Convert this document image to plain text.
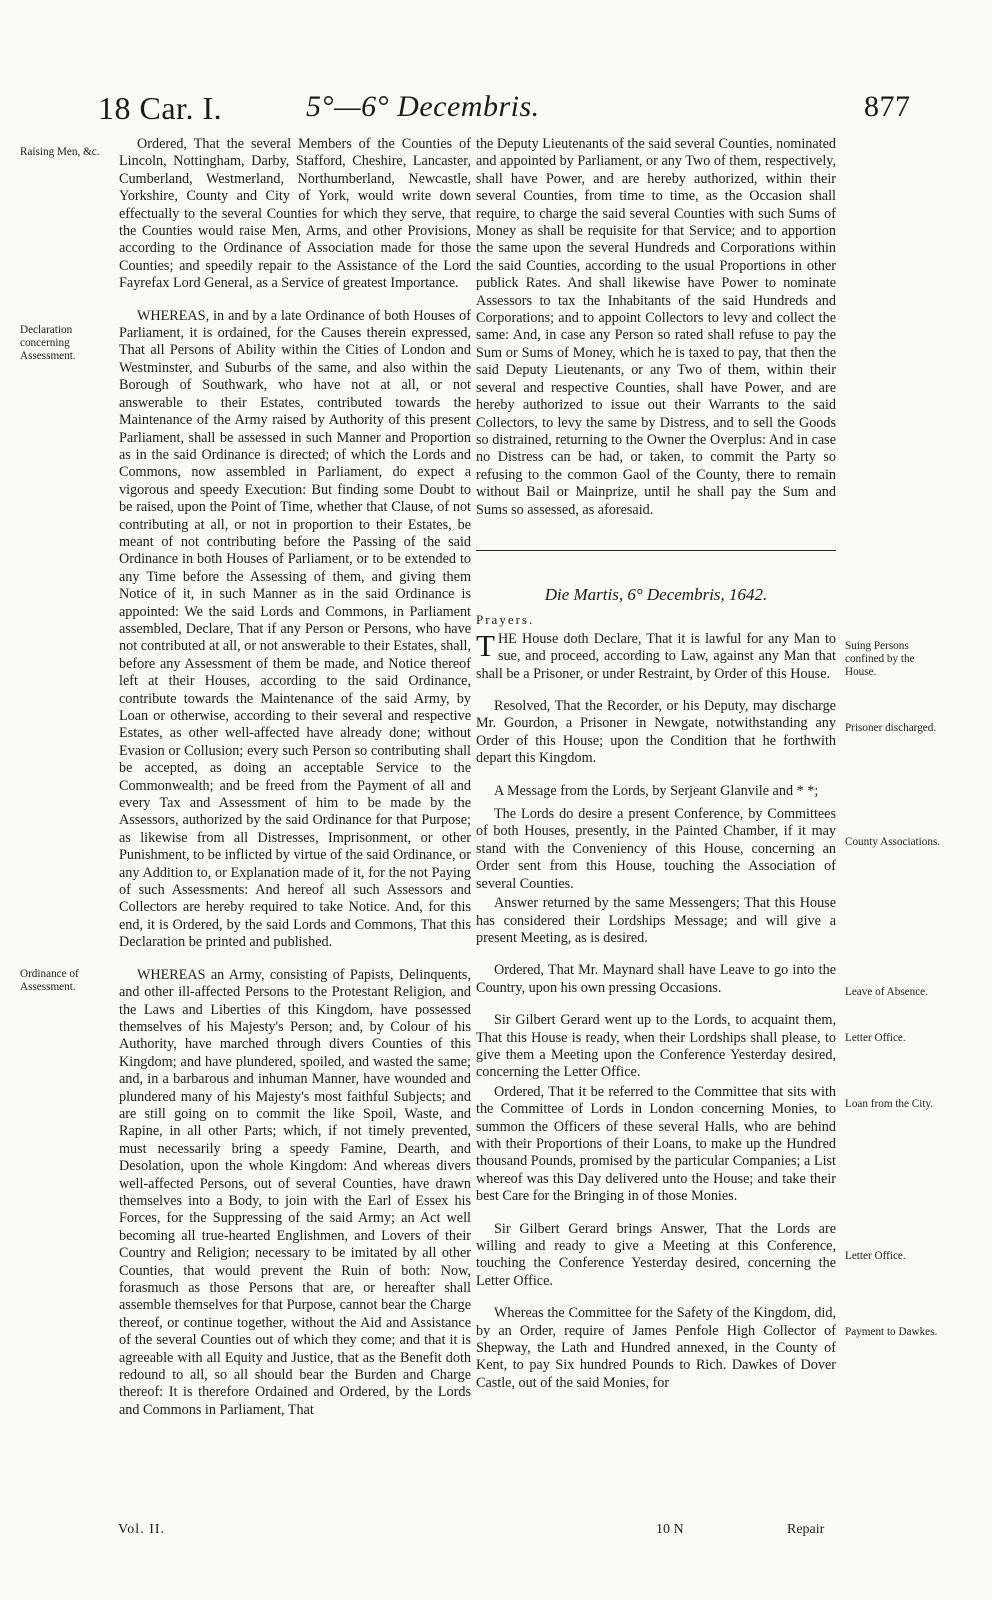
18 Car. I.	5°—6° Decembris.	877
Raising Men, &c.
Declaration concerning Assessment.
Ordinance of Assessment.
Suing Persons confined by the House.
Prisoner discharged.
County Associations.
Leave of Absence.
Letter Office.
Loan from the City.
Letter Office.
Payment to Dawkes.

Ordered, That the several Members of the Counties of Lincoln, Nottingham, Darby, Stafford, Cheshire, Lancaster, Cumberland, Westmerland, Northumberland, Newcastle, Yorkshire, County and City of York, would write down effectually to the several Counties for which they serve, that the Counties would raise Men, Arms, and other Provisions, according to the Ordinance of Association made for those Counties; and speedily repair to the Assistance of the Lord Fayrefax Lord General, as a Service of greatest Importance.

WHEREAS, in and by a late Ordinance of both Houses of Parliament, it is ordained, for the Causes therein expressed, That all Persons of Ability within the Cities of London and Westminster, and Suburbs of the same, and also within the Borough of Southwark, who have not at all, or not answerable to their Estates, contributed towards the Maintenance of the Army raised by Authority of this present Parliament, shall be assessed in such Manner and Proportion as in the said Ordinance is directed; of which the Lords and Commons, now assembled in Parliament, do expect a vigorous and speedy Execution: But finding some Doubt to be raised, upon the Point of Time, whether that Clause, of not contributing at all, or not in proportion to their Estates, be meant of not contributing before the Passing of the said Ordinance in both Houses of Parliament, or to be extended to any Time before the Assessing of them, and giving them Notice of it, in such Manner as in the said Ordinance is appointed: We the said Lords and Commons, in Parliament assembled, Declare, That if any Person or Persons, who have not contributed at all, or not answerable to their Estates, shall, before any Assessment of them be made, and Notice thereof left at their Houses, according to the said Ordinance, contribute towards the Maintenance of the said Army, by Loan or otherwise, according to their several and respective Estates, as other well-affected have already done; without Evasion or Collusion; every such Person so contributing shall be accepted, as doing an acceptable Service to the Commonwealth; and be freed from the Payment of all and every Tax and Assessment of him to be made by the Assessors, authorized by the said Ordinance for that Purpose; as likewise from all Distresses, Imprisonment, or other Punishment, to be inflicted by virtue of the said Ordinance, or any Addition to, or Explanation made of it, for the not Paying of such Assessments: And hereof all such Assessors and Collectors are hereby required to take Notice. And, for this end, it is Ordered, by the said Lords and Commons, That this Declaration be printed and published.

WHEREAS an Army, consisting of Papists, Delinquents, and other ill-affected Persons to the Protestant Religion, and the Laws and Liberties of this Kingdom, have possessed themselves of his Majesty's Person; and, by Colour of his Authority, have marched through divers Counties of this Kingdom; and have plundered, spoiled, and wasted the same; and, in a barbarous and inhuman Manner, have wounded and plundered many of his Majesty's most faithful Subjects; and are still going on to commit the like Spoil, Waste, and Rapine, in all other Parts; which, if not timely prevented, must necessarily bring a speedy Famine, Dearth, and Desolation, upon the whole Kingdom: And whereas divers well-affected Persons, out of several Counties, have drawn themselves into a Body, to join with the Earl of Essex his Forces, for the Suppressing of the said Army; an Act well becoming all true-hearted Englishmen, and Lovers of their Country and Religion; necessary to be imitated by all other Counties, that would prevent the Ruin of both: Now, forasmuch as those Persons that are, or hereafter shall assemble themselves for that Purpose, cannot bear the Charge thereof, or continue together, without the Aid and Assistance of the several Counties out of which they come; and that it is agreeable with all Equity and Justice, that as the Benefit doth redound to all, so all should bear the Burden and Charge thereof: It is therefore Ordained and Ordered, by the Lords and Commons in Parliament, That

the Deputy Lieutenants of the said several Counties, nominated and appointed by Parliament, or any Two of them, respectively, shall have Power, and are hereby authorized, within their several Counties, from time to time, as the Occasion shall require, to charge the said several Counties with such Sums of Money as shall be requisite for that Service; and to apportion the same upon the several Hundreds and Corporations within the said Counties, according to the usual Proportions in other publick Rates. And shall likewise have Power to nominate Assessors to tax the Inhabitants of the said Hundreds and Corporations; and to appoint Collectors to levy and collect the same: And, in case any Person so rated shall refuse to pay the Sum or Sums of Money, which he is taxed to pay, that then the said Deputy Lieutenants, or any Two of them, within their several and respective Counties, shall have Power, and are hereby authorized to issue out their Warrants to the said Collectors, to levy the same by Distress, and to sell the Goods so distrained, returning to the Owner the Overplus: And in case no Distress can be had, or taken, to commit the Party so refusing to the common Gaol of the County, there to remain without Bail or Mainprize, until he shall pay the Sum and Sums so assessed, as aforesaid.

Die Martis, 6° Decembris, 1642.

Prayers.

THE House doth Declare, That it is lawful for any Man to sue, and proceed, according to Law, against any Man that shall be a Prisoner, or under Restraint, by Order of this House.

Resolved, That the Recorder, or his Deputy, may discharge Mr. Gourdon, a Prisoner in Newgate, notwithstanding any Order of this House; upon the Condition that he forthwith depart this Kingdom.

A Message from the Lords, by Serjeant Glanvile and * *;

The Lords do desire a present Conference, by Committees of both Houses, presently, in the Painted Chamber, if it may stand with the Conveniency of this House, concerning an Order sent from this House, touching the Association of several Counties.

Answer returned by the same Messengers; That this House has considered their Lordships Message; and will give a present Meeting, as is desired.

Ordered, That Mr. Maynard shall have Leave to go into the Country, upon his own pressing Occasions.

Sir Gilbert Gerard went up to the Lords, to acquaint them, That this House is ready, when their Lordships shall please, to give them a Meeting upon the Conference Yesterday desired, concerning the Letter Office.

Ordered, That it be referred to the Committee that sits with the Committee of Lords in London concerning Monies, to summon the Officers of these several Halls, who are behind with their Proportions of their Loans, to make up the Hundred thousand Pounds, promised by the particular Companies; a List whereof was this Day delivered unto the House; and take their best Care for the Bringing in of those Monies.

Sir Gilbert Gerard brings Answer, That the Lords are willing and ready to give a Meeting at this Conference, touching the Conference Yesterday desired, concerning the Letter Office.

Whereas the Committee for the Safety of the Kingdom, did, by an Order, require of James Penfole High Collector of Shepway, the Lath and Hundred annexed, in the County of Kent, to pay Six hundred Pounds to Rich. Dawkes of Dover Castle, out of the said Monies, for

Vol. II.	10 N	Repair
